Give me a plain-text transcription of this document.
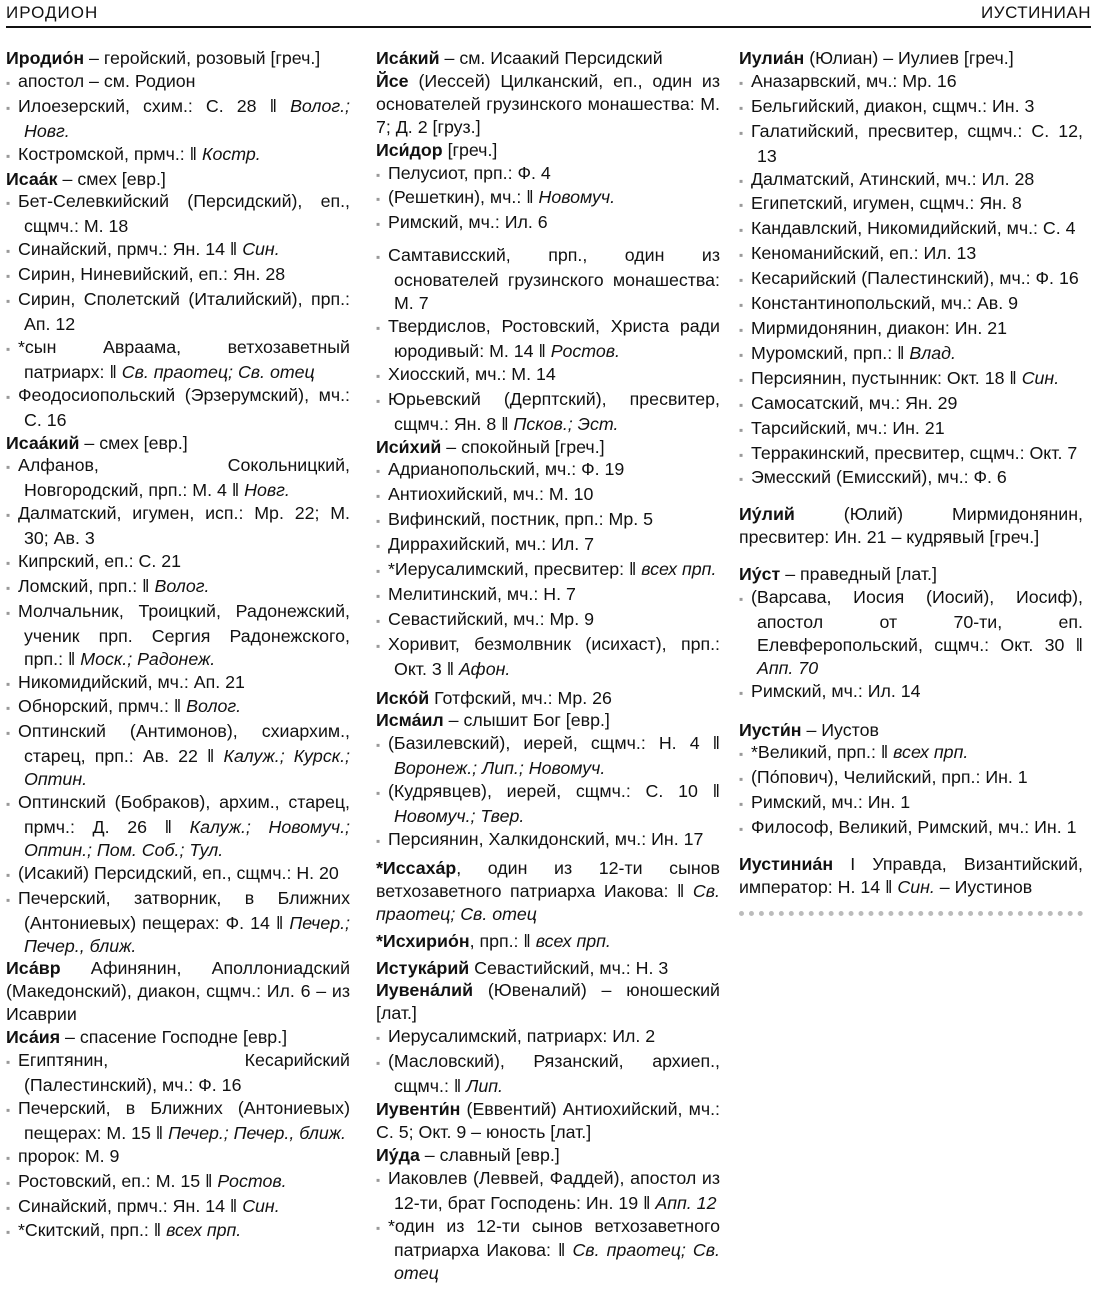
ИРОДИОН	ИУСТИНИАН

Иродио́н – геройский, розовый [греч.]

▪ апостол – см. Родион

▪ Илоезерский, схим.: С. 28 ‖ Волог.; Новг.

▪ Костромской, прмч.: ‖ Костр.

Исаа́к – смех [евр.]

▪ Бет-Селевкийский (Персидский), еп., сщмч.: М. 18

▪ Синайский, прмч.: Ян. 14 ‖ Син.

▪ Сирин, Ниневийский, еп.: Ян. 28

▪ Сирин, Сполетский (Италийский), прп.: Ап. 12

▪ *сын Авраама, ветхозаветный патриарх: ‖ Св. праотец; Св. отец

▪ Феодосиопольский (Эрзерумский), мч.: С. 16

Исаа́кий – смех [евр.]

▪ Алфанов, Сокольницкий, Новгородский, прп.: М. 4 ‖ Новг.

▪ Далматский, игумен, исп.: Мр. 22; М. 30; Ав. 3

▪ Кипрский, еп.: С. 21

▪ Ломский, прп.: ‖ Волог.

▪ Молчальник, Троицкий, Радонежский, ученик прп. Сергия Радонежского, прп.: ‖ Моск.; Радонеж.

▪ Никомидийский, мч.: Ап. 21

▪ Обнорский, прмч.: ‖ Волог.

▪ Оптинский (Антимонов), схиархим., старец, прп.: Ав. 22 ‖ Калуж.; Курск.; Оптин.

▪ Оптинский (Бобраков), архим., старец, прмч.: Д. 26 ‖ Калуж.; Новомуч.; Оптин.; Пом. Соб.; Тул.

▪ (Исакий) Персидский, еп., сщмч.: Н. 20

▪ Печерский, затворник, в Ближних (Антониевых) пещерах: Ф. 14 ‖ Печер.; Печер., ближ.

Иса́вр Афинянин, Аполлониадский (Македонский), диакон, сщмч.: Ил. 6 – из Исаврии

Иса́ия – спасение Господне [евр.]

▪ Египтянин, Кесарийский (Палестинский), мч.: Ф. 16

▪ Печерский, в Ближних (Антониевых) пещерах: М. 15 ‖ Печер.; Печер., ближ.

▪ пророк: М. 9

▪ Ростовский, еп.: М. 15 ‖ Ростов.

▪ Синайский, прмч.: Ян. 14 ‖ Син.

▪ *Скитский, прп.: ‖ всех прп.

Иса́кий – см. Исаакий Персидский

Йсе (Иессей) Цилканский, еп., один из основателей грузинского монашества: М. 7; Д. 2 [груз.]

Иси́дор [греч.]

▪ Пелусиот, прп.: Ф. 4

▪ (Решеткин), мч.: ‖ Новомуч.

▪ Римский, мч.: Ил. 6

▪ Самтависский, прп., один из основателей грузинского монашества: М. 7

▪ Твердислов, Ростовский, Христа ради юродивый: М. 14 ‖ Ростов.

▪ Хиосский, мч.: М. 14

▪ Юрьевский (Дерптский), пресвитер, сщмч.: Ян. 8 ‖ Псков.; Эст.

Иси́хий – спокойный [греч.]

▪ Адрианопольский, мч.: Ф. 19

▪ Антиохийский, мч.: М. 10

▪ Вифинский, постник, прп.: Мр. 5

▪ Диррахийский, мч.: Ил. 7

▪ *Иерусалимский, пресвитер: ‖ всех прп.

▪ Мелитинский, мч.: Н. 7

▪ Севастийский, мч.: Мр. 9

▪ Хоривит, безмолвник (исихаст), прп.: Окт. 3 ‖ Афон.

Иско́й Готфский, мч.: Мр. 26

Исма́ил – слышит Бог [евр.]

▪ (Базилевский), иерей, сщмч.: Н. 4 ‖ Воронеж.; Лип.; Новомуч.

▪ (Кудрявцев), иерей, сщмч.: С. 10 ‖ Новомуч.; Твер.

▪ Персиянин, Халкидонский, мч.: Ин. 17

*Иссаха́р, один из 12-ти сынов ветхозаветного патриарха Иакова: ‖ Св. праотец; Св. отец

*Исхирио́н, прп.: ‖ всех прп.

Истука́рий Севастийский, мч.: Н. 3

Иувена́лий (Ювеналий) – юношеский [лат.]

▪ Иерусалимский, патриарх: Ил. 2

▪ (Масловский), Рязанский, архиеп., сщмч.: ‖ Лип.

Иувенти́н (Еввентий) Антиохийский, мч.: С. 5; Окт. 9 – юность [лат.]

Иу́да – славный [евр.]

▪ Иаковлев (Леввей, Фаддей), апостол из 12-ти, брат Господень: Ин. 19 ‖ Апп. 12

▪ *один из 12-ти сынов ветхозаветного патриарха Иакова: ‖ Св. праотец; Св. отец

Иулиа́н (Юлиан) – Иулиев [греч.]

▪ Аназарвский, мч.: Мр. 16

▪ Бельгийский, диакон, сщмч.: Ин. 3

▪ Галатийский, пресвитер, сщмч.: С. 12, 13

▪ Далматский, Атинский, мч.: Ил. 28

▪ Египетский, игумен, сщмч.: Ян. 8

▪ Кандавлский, Никомидийский, мч.: С. 4

▪ Кеноманийский, еп.: Ил. 13

▪ Кесарийский (Палестинский), мч.: Ф. 16

▪ Константинопольский, мч.: Ав. 9

▪ Мирмидонянин, диакон: Ин. 21

▪ Муромский, прп.: ‖ Влад.

▪ Персиянин, пустынник: Окт. 18 ‖ Син.

▪ Самосатский, мч.: Ян. 29

▪ Тарсийский, мч.: Ин. 21

▪ Терракинский, пресвитер, сщмч.: Окт. 7

▪ Эмесский (Емисский), мч.: Ф. 6

Иу́лий (Юлий) Мирмидонянин, пресвитер: Ин. 21 – кудрявый [греч.]

Иу́ст – праведный [лат.]

▪ (Варсава, Иосия (Иосий), Иосиф), апостол от 70-ти, еп. Елевферопольский, сщмч.: Окт. 30 ‖ Апп. 70

▪ Римский, мч.: Ил. 14

Иусти́н – Иустов

▪ *Великий, прп.: ‖ всех прп.

▪ (По́пович), Челийский, прп.: Ин. 1

▪ Римский, мч.: Ин. 1

▪ Философ, Великий, Римский, мч.: Ин. 1

Иустиниа́н I Управда, Византийский, император: Н. 14 ‖ Син. – Иустинов
